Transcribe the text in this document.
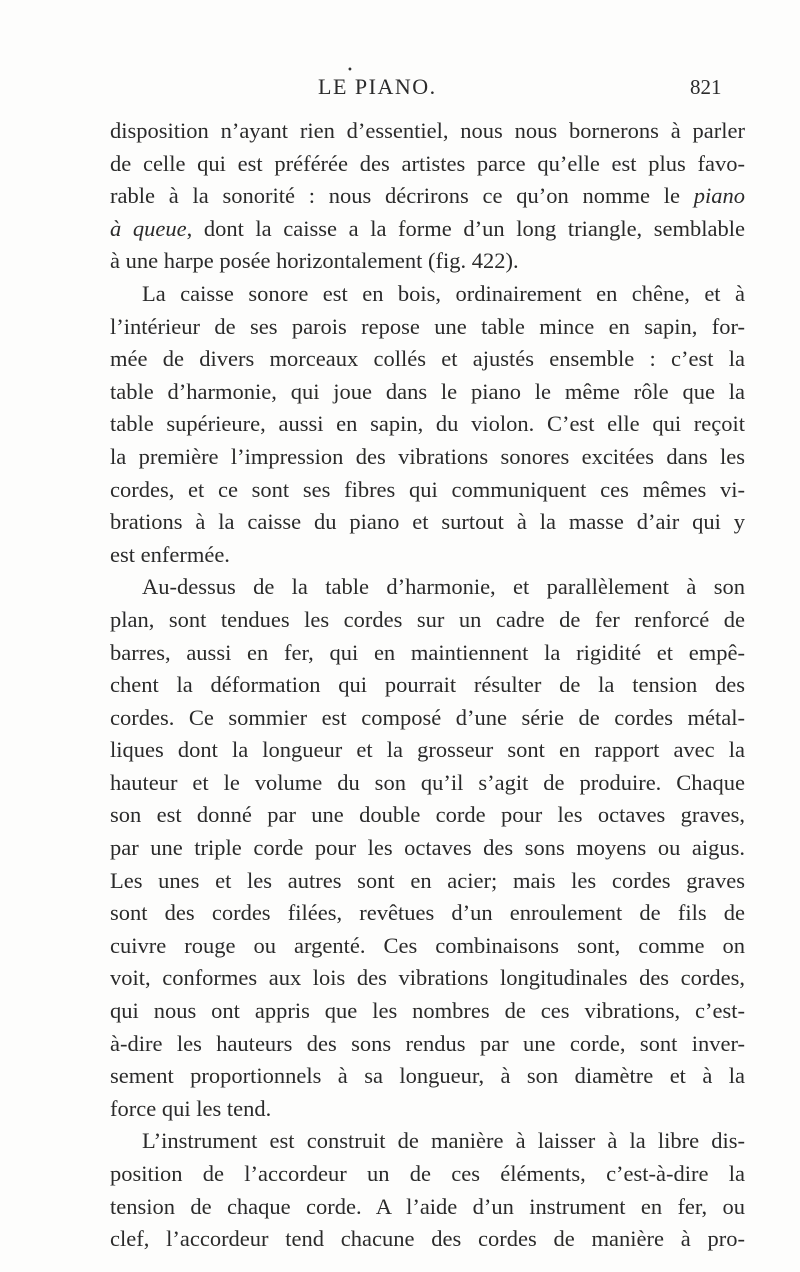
•
LE PIANO.	821
disposition n’ayant rien d’essentiel, nous nous bornerons à parler
de celle qui est préférée des artistes parce qu’elle est plus favo-
rable à la sonorité : nous décrirons ce qu’on nomme le piano
à queue, dont la caisse a la forme d’un long triangle, semblable
à une harpe posée horizontalement (fig. 422).
La caisse sonore est en bois, ordinairement en chêne, et à
l’intérieur de ses parois repose une table mince en sapin, for-
mée de divers morceaux collés et ajustés ensemble : c’est la
table d’harmonie, qui joue dans le piano le même rôle que la
table supérieure, aussi en sapin, du violon. C’est elle qui reçoit
la première l’impression des vibrations sonores excitées dans les
cordes, et ce sont ses fibres qui communiquent ces mêmes vi-
brations à la caisse du piano et surtout à la masse d’air qui y
est enfermée.
Au-dessus de la table d’harmonie, et parallèlement à son
plan, sont tendues les cordes sur un cadre de fer renforcé de
barres, aussi en fer, qui en maintiennent la rigidité et empê-
chent la déformation qui pourrait résulter de la tension des
cordes. Ce sommier est composé d’une série de cordes métal-
liques dont la longueur et la grosseur sont en rapport avec la
hauteur et le volume du son qu’il s’agit de produire. Chaque
son est donné par une double corde pour les octaves graves,
par une triple corde pour les octaves des sons moyens ou aigus.
Les unes et les autres sont en acier; mais les cordes graves
sont des cordes filées, revêtues d’un enroulement de fils de
cuivre rouge ou argenté. Ces combinaisons sont, comme on
voit, conformes aux lois des vibrations longitudinales des cordes,
qui nous ont appris que les nombres de ces vibrations, c’est-
à-dire les hauteurs des sons rendus par une corde, sont inver-
sement proportionnels à sa longueur, à son diamètre et à la
force qui les tend.
L’instrument est construit de manière à laisser à la libre dis-
position de l’accordeur un de ces éléments, c’est-à-dire la
tension de chaque corde. A l’aide d’un instrument en fer, ou
clef, l’accordeur tend chacune des cordes de manière à pro-
